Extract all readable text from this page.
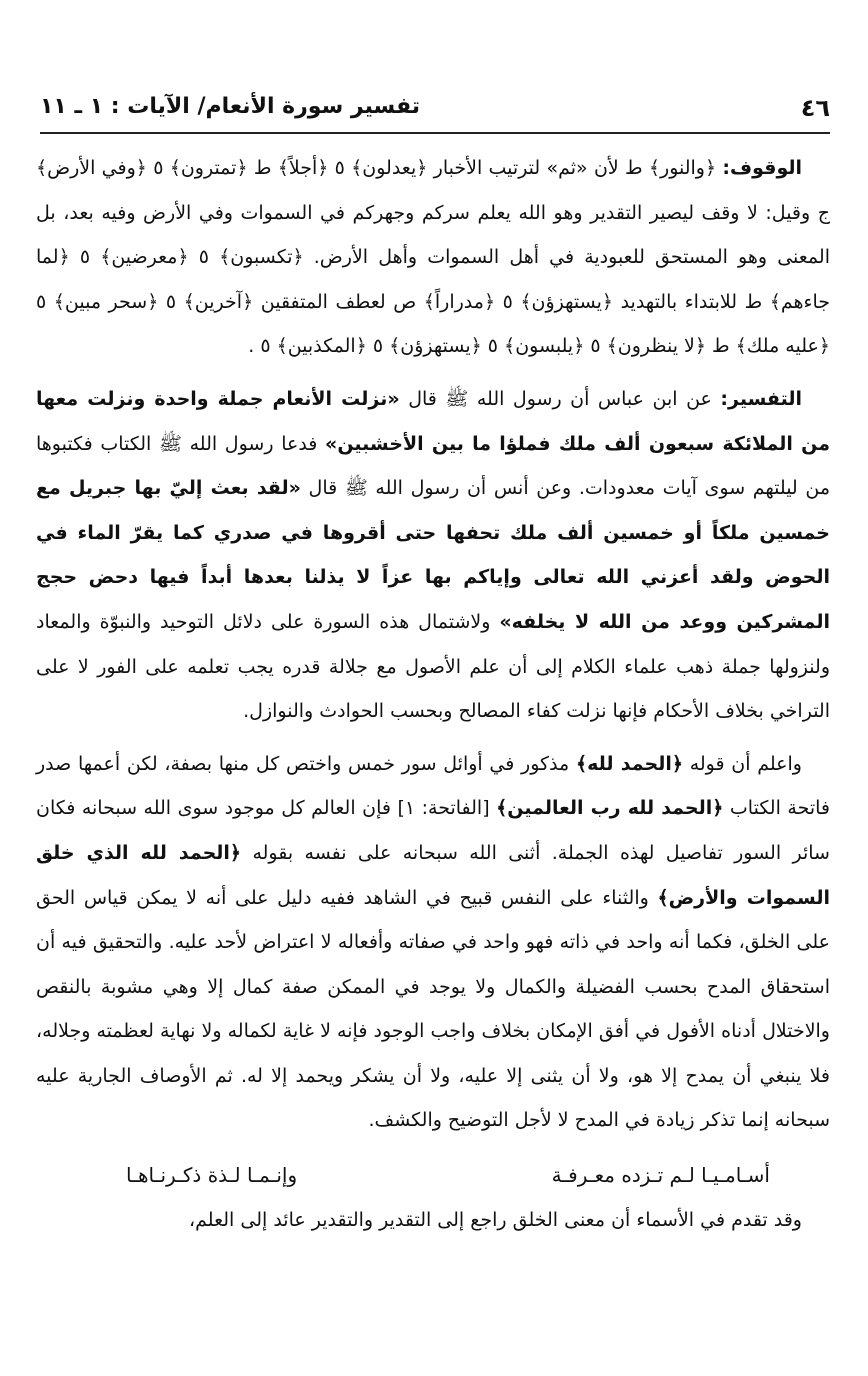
٤٦
تفسير سورة الأنعام/ الآيات : ١ ـ ١١

الوقوف: ﴿والنور﴾ ط لأن «ثم» لترتيب الأخبار ﴿يعدلون﴾ ٥ ﴿أجلاً﴾ ط ﴿تمترون﴾ ٥ ﴿وفي الأرض﴾ ج وقيل: لا وقف ليصير التقدير وهو الله يعلم سركم وجهركم في السموات وفي الأرض وفيه بعد، بل المعنى وهو المستحق للعبودية في أهل السموات وأهل الأرض. ﴿تكسبون﴾ ٥ ﴿معرضين﴾ ٥ ﴿لما جاءهم﴾ ط للابتداء بالتهديد ﴿يستهزؤن﴾ ٥ ﴿مدراراً﴾ ص لعطف المتفقين ﴿آخرين﴾ ٥ ﴿سحر مبين﴾ ٥ ﴿عليه ملك﴾ ط ﴿لا ينظرون﴾ ٥ ﴿يلبسون﴾ ٥ ﴿يستهزؤن﴾ ٥ ﴿المكذبين﴾ ٥ .

التفسير: عن ابن عباس أن رسول الله ﷺ قال «نزلت الأنعام جملة واحدة ونزلت معها من الملائكة سبعون ألف ملك فملؤا ما بين الأخشبين» فدعا رسول الله ﷺ الكتاب فكتبوها من ليلتهم سوى آيات معدودات. وعن أنس أن رسول الله ﷺ قال «لقد بعث إليّ بها جبريل مع خمسين ملكاً أو خمسين ألف ملك تحفها حتى أقروها في صدري كما يقرّ الماء في الحوض ولقد أعزني الله تعالى وإياكم بها عزاً لا يذلنا بعدها أبداً فيها دحض حجج المشركين ووعد من الله لا يخلفه» ولاشتمال هذه السورة على دلائل التوحيد والنبوّة والمعاد ولنزولها جملة ذهب علماء الكلام إلى أن علم الأصول مع جلالة قدره يجب تعلمه على الفور لا على التراخي بخلاف الأحكام فإنها نزلت كفاء المصالح وبحسب الحوادث والنوازل.

واعلم أن قوله ﴿الحمد لله﴾ مذكور في أوائل سور خمس واختص كل منها بصفة، لكن أعمها صدر فاتحة الكتاب ﴿الحمد لله رب العالمين﴾ [الفاتحة: ١] فإن العالم كل موجود سوى الله سبحانه فكان سائر السور تفاصيل لهذه الجملة. أثنى الله سبحانه على نفسه بقوله ﴿الحمد لله الذي خلق السموات والأرض﴾ والثناء على النفس قبيح في الشاهد ففيه دليل على أنه لا يمكن قياس الحق على الخلق، فكما أنه واحد في ذاته فهو واحد في صفاته وأفعاله لا اعتراض لأحد عليه. والتحقيق فيه أن استحقاق المدح بحسب الفضيلة والكمال ولا يوجد في الممكن صفة كمال إلا وهي مشوبة بالنقص والاختلال أدناه الأفول في أفق الإمكان بخلاف واجب الوجود فإنه لا غاية لكماله ولا نهاية لعظمته وجلاله، فلا ينبغي أن يمدح إلا هو، ولا أن يثنى إلا عليه، ولا أن يشكر ويحمد إلا له. ثم الأوصاف الجارية عليه سبحانه إنما تذكر زيادة في المدح لا لأجل التوضيح والكشف.

أسـامـيـا لـم تـزده معـرفـة
وإنـمـا لـذة ذكـرنـاهـا

وقد تقدم في الأسماء أن معنى الخلق راجع إلى التقدير والتقدير عائد إلى العلم،
